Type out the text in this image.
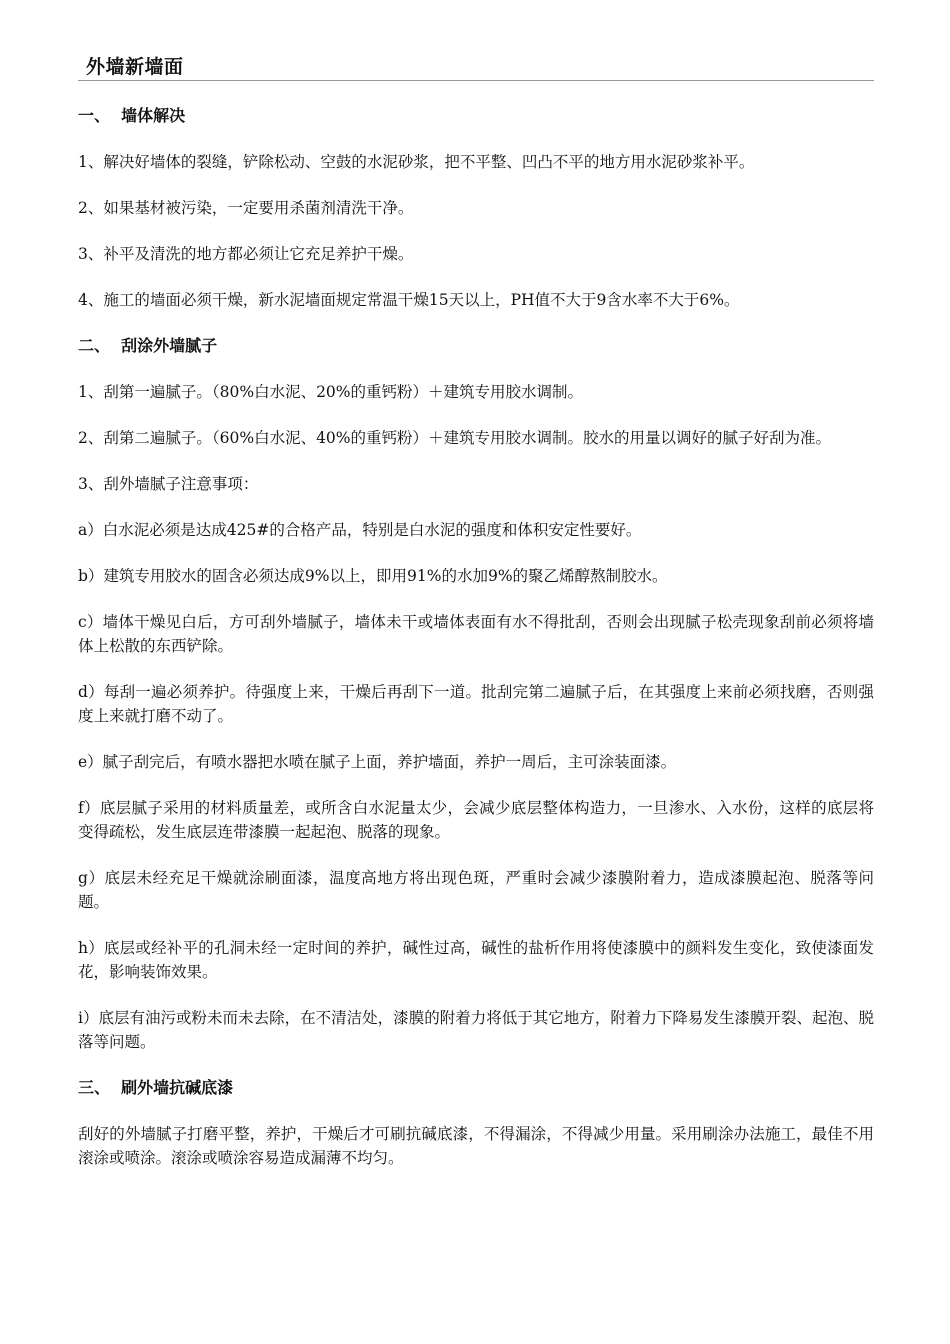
外墙新墙面
一、  墙体解决

1、解决好墙体的裂缝，铲除松动、空鼓的水泥砂浆，把不平整、凹凸不平的地方用水泥砂浆补平。

2、如果基材被污染，一定要用杀菌剂清洗干净。

3、补平及清洗的地方都必须让它充足养护干燥。

4、施工的墙面必须干燥，新水泥墙面规定常温干燥15天以上，PH值不大于9含水率不大于6%。

二、  刮涂外墙腻子

1、刮第一遍腻子。（80%白水泥、20%的重钙粉）＋建筑专用胶水调制。

2、刮第二遍腻子。（60%白水泥、40%的重钙粉）＋建筑专用胶水调制。胶水的用量以调好的腻子好刮为准。

3、刮外墙腻子注意事项：

a）白水泥必须是达成425#的合格产品，特别是白水泥的强度和体积安定性要好。

b）建筑专用胶水的固含必须达成9%以上，即用91%的水加9%的聚乙烯醇熬制胶水。

c）墙体干燥见白后，方可刮外墙腻子，墙体未干或墙体表面有水不得批刮，否则会出现腻子松壳现象刮前必须将墙体上松散的东西铲除。

d）每刮一遍必须养护。待强度上来，干燥后再刮下一道。批刮完第二遍腻子后，在其强度上来前必须找磨，否则强度上来就打磨不动了。

e）腻子刮完后，有喷水器把水喷在腻子上面，养护墙面，养护一周后，主可涂装面漆。

f）底层腻子采用的材料质量差，或所含白水泥量太少，会减少底层整体构造力，一旦渗水、入水份，这样的底层将变得疏松，发生底层连带漆膜一起起泡、脱落的现象。

g）底层未经充足干燥就涂刷面漆，温度高地方将出现色斑，严重时会减少漆膜附着力，造成漆膜起泡、脱落等问题。

h）底层或经补平的孔洞未经一定时间的养护，碱性过高，碱性的盐析作用将使漆膜中的颜料发生变化，致使漆面发花，影响装饰效果。

i）底层有油污或粉未而未去除，在不清洁处，漆膜的附着力将低于其它地方，附着力下降易发生漆膜开裂、起泡、脱落等问题。

三、  刷外墙抗碱底漆

刮好的外墙腻子打磨平整，养护，干燥后才可刷抗碱底漆，不得漏涂，不得减少用量。采用刷涂办法施工，最佳不用滚涂或喷涂。滚涂或喷涂容易造成漏薄不均匀。
